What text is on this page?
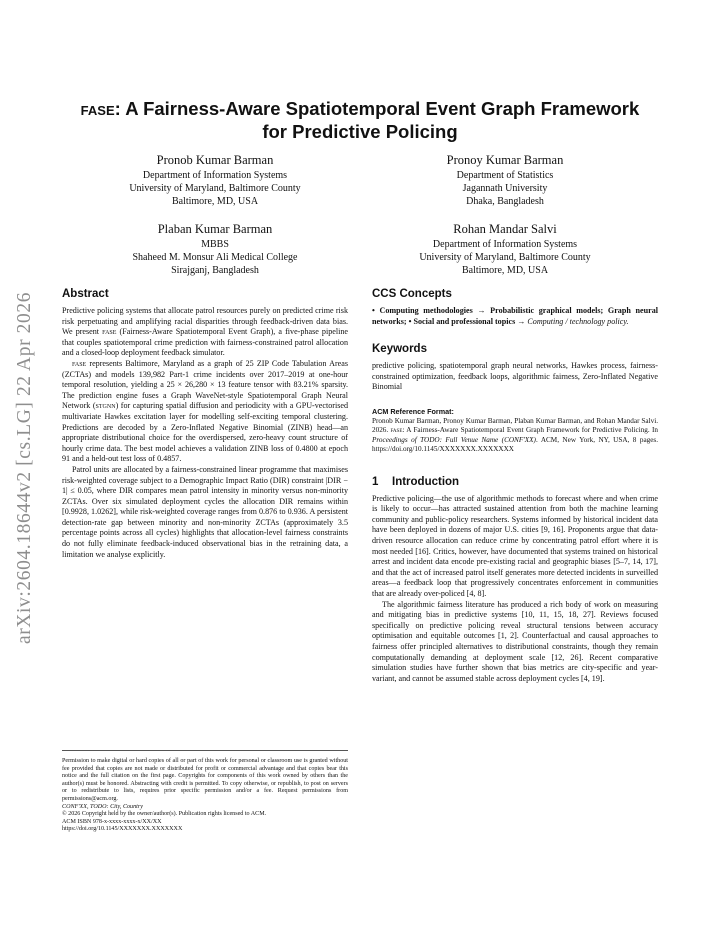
arXiv:2604.18644v2 [cs.LG] 22 Apr 2026
fase: A Fairness-Aware Spatiotemporal Event Graph Framework
for Predictive Policing
Pronob Kumar Barman
Department of Information Systems
University of Maryland, Baltimore County
Baltimore, MD, USA
Pronoy Kumar Barman
Department of Statistics
Jagannath University
Dhaka, Bangladesh
Plaban Kumar Barman
MBBS
Shaheed M. Monsur Ali Medical College
Sirajganj, Bangladesh
Rohan Mandar Salvi
Department of Information Systems
University of Maryland, Baltimore County
Baltimore, MD, USA
Abstract

Predictive policing systems that allocate patrol resources purely on predicted crime risk risk perpetuating and amplifying racial disparities through feedback-driven data bias. We present fase (Fairness-Aware Spatiotemporal Event Graph), a five-phase pipeline that couples spatiotemporal crime prediction with fairness-constrained patrol allocation and a closed-loop deployment feedback simulator.

fase represents Baltimore, Maryland as a graph of 25 ZIP Code Tabulation Areas (ZCTAs) and models 139,982 Part-1 crime incidents over 2017–2019 at one-hour temporal resolution, yielding a 25 × 26,280 × 13 feature tensor with 83.21% sparsity. The prediction engine fuses a Graph WaveNet-style Spatiotemporal Graph Neural Network (stgnn) for capturing spatial diffusion and periodicity with a GPU-vectorised multivariate Hawkes excitation layer for modelling self-exciting temporal clustering. Predictions are decoded by a Zero-Inflated Negative Binomial (ZINB) head—an appropriate distributional choice for the overdispersed, zero-heavy count structure of hourly crime data. The best model achieves a validation ZINB loss of 0.4800 at epoch 91 and a held-out test loss of 0.4857.

Patrol units are allocated by a fairness-constrained linear programme that maximises risk-weighted coverage subject to a Demographic Impact Ratio (DIR) constraint |DIR − 1| ≤ 0.05, where DIR compares mean patrol intensity in minority versus non-minority ZCTAs. Over six simulated deployment cycles the allocation DIR remains within [0.9928, 1.0262], while risk-weighted coverage ranges from 0.876 to 0.936. A persistent detection-rate gap between minority and non-minority ZCTAs (approximately 3.5 percentage points across all cycles) highlights that allocation-level fairness constraints do not fully eliminate feedback-induced observational bias in the retraining data, a limitation we analyse explicitly.

Permission to make digital or hard copies of all or part of this work for personal or classroom use is granted without fee provided that copies are not made or distributed for profit or commercial advantage and that copies bear this notice and the full citation on the first page. Copyrights for components of this work owned by others than the author(s) must be honored. Abstracting with credit is permitted. To copy otherwise, or republish, to post on servers or to redistribute to lists, requires prior specific permission and/or a fee. Request permissions from permissions@acm.org.
CONF'XX, TODO: City, Country
© 2026 Copyright held by the owner/author(s). Publication rights licensed to ACM.
ACM ISBN 978-x-xxxx-xxxx-x/XX/XX
https://doi.org/10.1145/XXXXXXX.XXXXXXX
CCS Concepts
• Computing methodologies → Probabilistic graphical models; Graph neural networks; • Social and professional topics → Computing / technology policy.
Keywords

predictive policing, spatiotemporal graph neural networks, Hawkes process, fairness-constrained optimization, feedback loops, algorithmic fairness, Zero-Inflated Negative Binomial

ACM Reference Format:
Pronob Kumar Barman, Pronoy Kumar Barman, Plaban Kumar Barman, and Rohan Mandar Salvi. 2026. fase: A Fairness-Aware Spatiotemporal Event Graph Framework for Predictive Policing. In Proceedings of TODO: Full Venue Name (CONF'XX). ACM, New York, NY, USA, 8 pages. https://doi.org/10.1145/XXXXXXX.XXXXXXX
1 Introduction

Predictive policing—the use of algorithmic methods to forecast where and when crime is likely to occur—has attracted sustained attention from both the machine learning community and public-policy researchers. Systems informed by historical incident data have been deployed in dozens of major U.S. cities [9, 16]. Proponents argue that data-driven resource allocation can reduce crime by concentrating patrol effort where it is most needed [16]. Critics, however, have documented that systems trained on historical arrest and incident data encode pre-existing racial and geographic biases [5–7, 14, 17], and that the act of increased patrol itself generates more detected incidents in surveilled areas—a feedback loop that progressively concentrates enforcement in communities that are already over-policed [4, 8].

The algorithmic fairness literature has produced a rich body of work on measuring and mitigating bias in predictive systems [10, 11, 15, 18, 27]. Reviews focused specifically on predictive policing reveal structural tensions between accuracy optimisation and equitable outcomes [1, 2]. Counterfactual and causal approaches to fairness offer principled alternatives to distributional constraints, though they remain computationally demanding at deployment scale [12, 26]. Recent comparative simulation studies have further shown that bias metrics are city-specific and year-variant, and cannot be assumed stable across deployment cycles [4, 19].
